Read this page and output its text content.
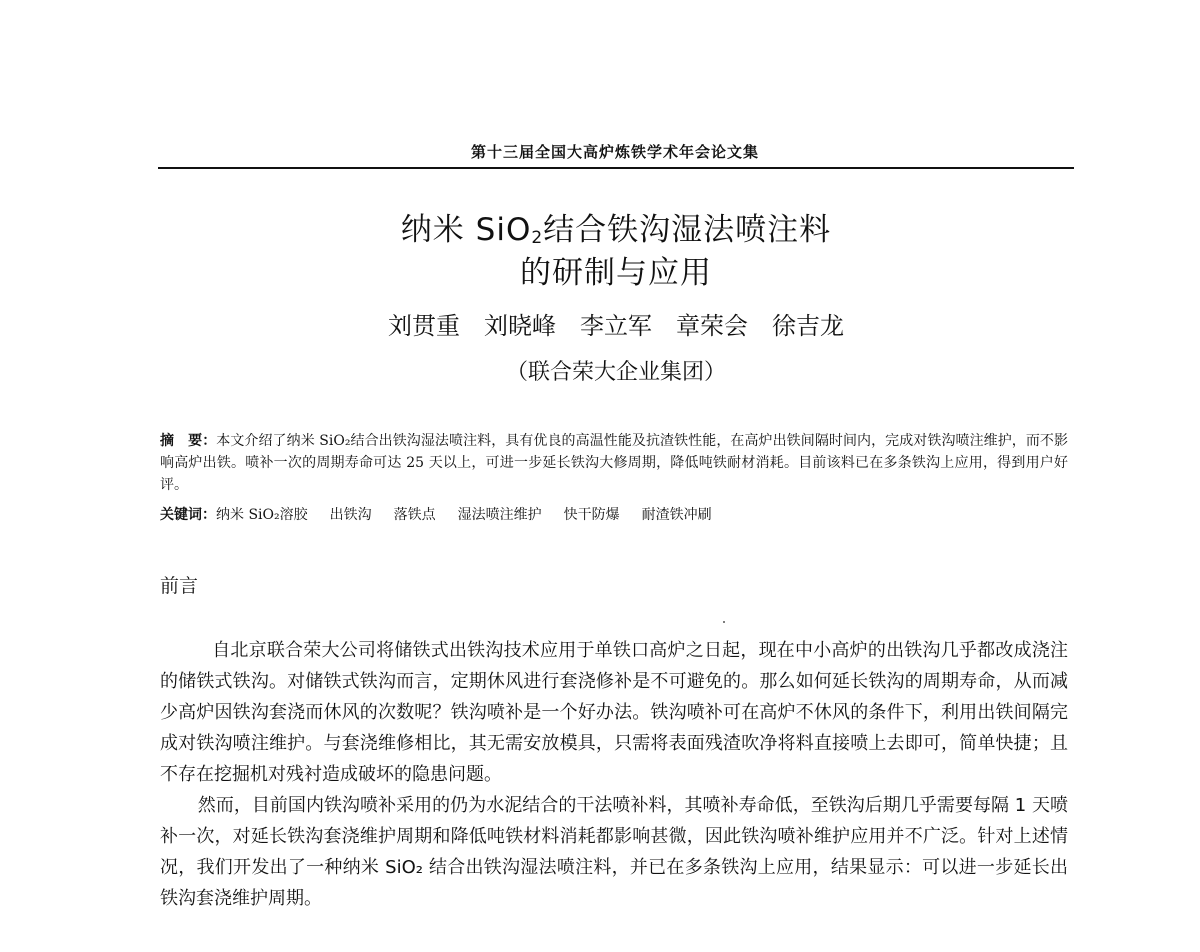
第十三届全国大高炉炼铁学术年会论文集
纳米 SiO$_2$结合铁沟湿法喷注料
的研制与应用
刘贯重 刘晓峰 李立军 章荣会 徐吉龙
（联合荣大企业集团）
摘　要：本文介绍了纳米 SiO₂结合出铁沟湿法喷注料，具有优良的高温性能及抗渣铁性能，在高炉出铁间隔时间内，完成对铁沟喷注维护，而不影响高炉出铁。喷补一次的周期寿命可达 25 天以上，可进一步延长铁沟大修周期，降低吨铁耐材消耗。目前该料已在多条铁沟上应用，得到用户好评。
关键词：纳米 SiO₂溶胶 出铁沟 落铁点 湿法喷注维护 快干防爆 耐渣铁冲刷
前言

自北京联合荣大公司将储铁式出铁沟技术应用于单铁口高炉之日起，现在中小高炉的出铁沟几乎都改成浇注的储铁式铁沟。对储铁式铁沟而言，定期休风进行套浇修补是不可避免的。那么如何延长铁沟的周期寿命，从而减少高炉因铁沟套浇而休风的次数呢？铁沟喷补是一个好办法。铁沟喷补可在高炉不休风的条件下，利用出铁间隔完成对铁沟喷注维护。与套浇维修相比，其无需安放模具，只需将表面残渣吹净将料直接喷上去即可，简单快捷；且不存在挖掘机对残衬造成破坏的隐患问题。

然而，目前国内铁沟喷补采用的仍为水泥结合的干法喷补料，其喷补寿命低，至铁沟后期几乎需要每隔 1 天喷补一次，对延长铁沟套浇维护周期和降低吨铁材料消耗都影响甚微，因此铁沟喷补维护应用并不广泛。针对上述情况，我们开发出了一种纳米 SiO₂ 结合出铁沟湿法喷注料，并已在多条铁沟上应用，结果显示：可以进一步延长出铁沟套浇维护周期。
